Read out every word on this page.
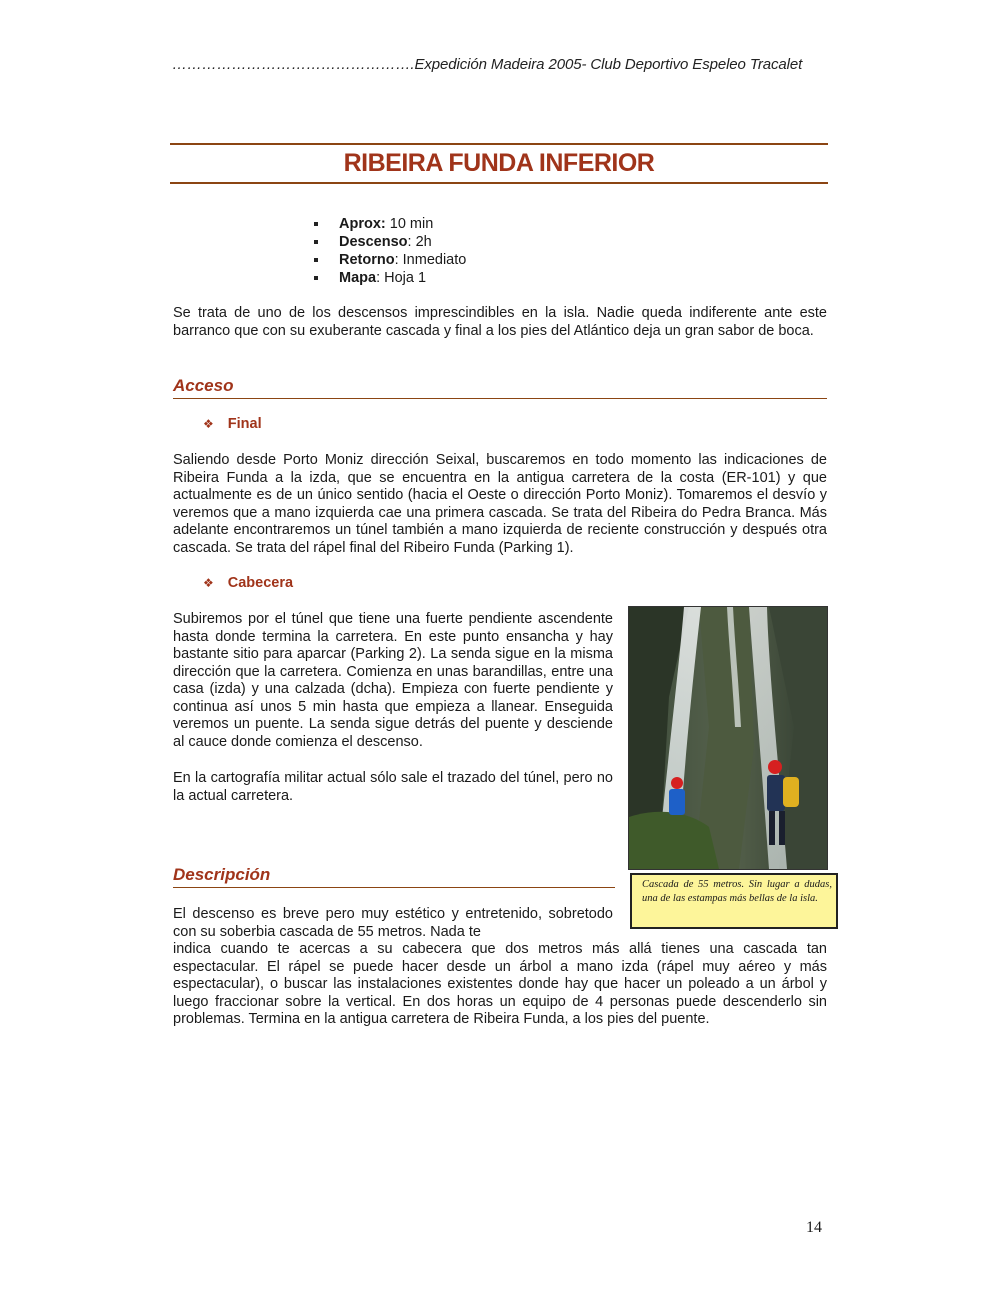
………………………………………….Expedición Madeira 2005- Club Deportivo Espeleo Tracalet
RIBEIRA FUNDA INFERIOR
Aprox: 10 min
Descenso: 2h
Retorno: Inmediato
Mapa: Hoja 1

Se trata de uno de los descensos imprescindibles en la isla. Nadie queda indiferente ante este barranco que con su exuberante cascada y final a los pies del Atlántico deja un gran sabor de boca.

Acceso
❖ Final

Saliendo desde Porto Moniz dirección Seixal, buscaremos en todo momento las indicaciones de Ribeira Funda a la izda, que se encuentra en la antigua carretera de la costa (ER-101) y que actualmente es de un único sentido (hacia el Oeste o dirección Porto Moniz). Tomaremos el desvío y veremos que a mano izquierda cae una primera cascada. Se trata del Ribeira do Pedra Branca. Más adelante encontraremos un túnel también a mano izquierda de reciente construcción y después otra cascada. Se trata del rápel final del Ribeiro Funda (Parking 1).

❖ Cabecera

Subiremos por el túnel que tiene una fuerte pendiente ascendente hasta donde termina la carretera. En este punto ensancha y hay bastante sitio para aparcar (Parking 2). La senda sigue en la misma dirección que la carretera. Comienza en unas barandillas, entre una casa (izda) y una calzada (dcha). Empieza con fuerte pendiente y continua así unos 5 min hasta que empieza a llanear. Enseguida veremos un puente. La senda sigue detrás del puente y desciende al cauce donde comienza el descenso.

En la cartografía militar actual sólo sale el trazado del túnel, pero no la actual carretera.

Cascada de 55 metros. Sin lugar a dudas, una de las estampas más bellas de la isla.
Descripción

El descenso es breve pero muy estético y entretenido, sobretodo con su soberbia cascada de 55 metros. Nada te

indica cuando te acercas a su cabecera que dos metros más allá tienes una cascada tan espectacular. El rápel se puede hacer desde un árbol a mano izda (rápel muy aéreo y más espectacular), o buscar las instalaciones existentes donde hay que hacer un poleado a un árbol y luego fraccionar sobre la vertical. En dos horas un equipo de 4 personas puede descenderlo sin problemas. Termina en la antigua carretera de Ribeira Funda, a los pies del puente.

14
